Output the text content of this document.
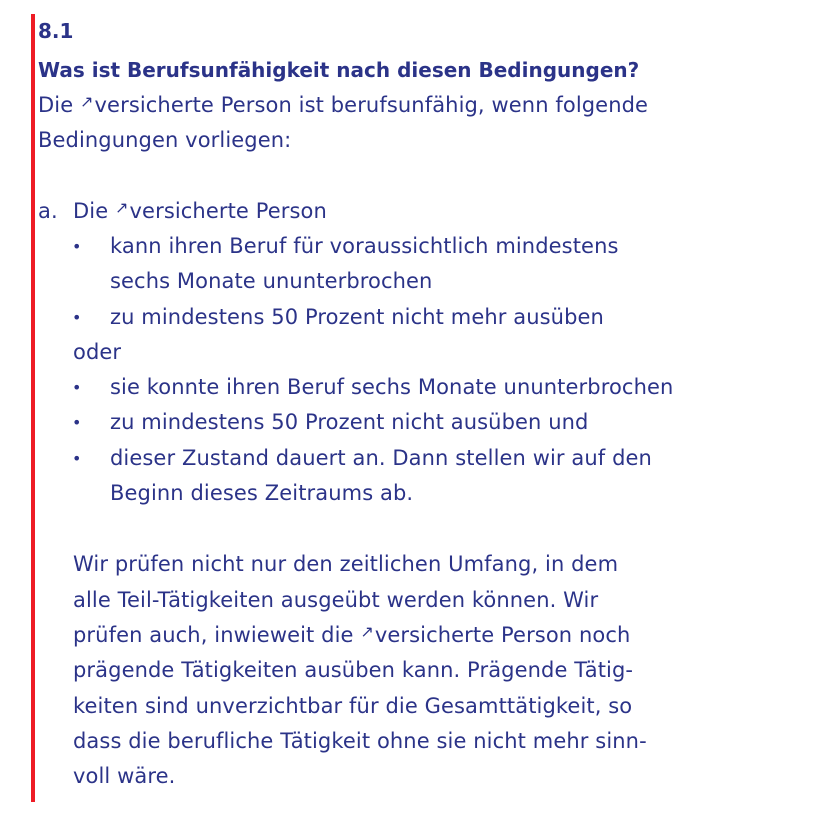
8.1
Was ist Berufsunfähigkeit nach diesen Bedingungen?
Die ↗versicherte Person ist berufsunfähig, wenn folgende
Bedingungen vorliegen:
a. Die ↗versicherte Person
• kann ihren Beruf für voraussichtlich mindestens
sechs Monate ununterbrochen
• zu mindestens 50 Prozent nicht mehr ausüben
oder
• sie konnte ihren Beruf sechs Monate ununterbrochen
• zu mindestens 50 Prozent nicht ausüben und
• dieser Zustand dauert an. Dann stellen wir auf den
Beginn dieses Zeitraums ab.
Wir prüfen nicht nur den zeitlichen Umfang, in dem
alle Teil-Tätigkeiten ausgeübt werden können. Wir
prüfen auch, inwieweit die ↗versicherte Person noch
prägende Tätigkeiten ausüben kann. Prägende Tätig-
keiten sind unverzichtbar für die Gesamttätigkeit, so
dass die berufliche Tätigkeit ohne sie nicht mehr sinn-
voll wäre.
